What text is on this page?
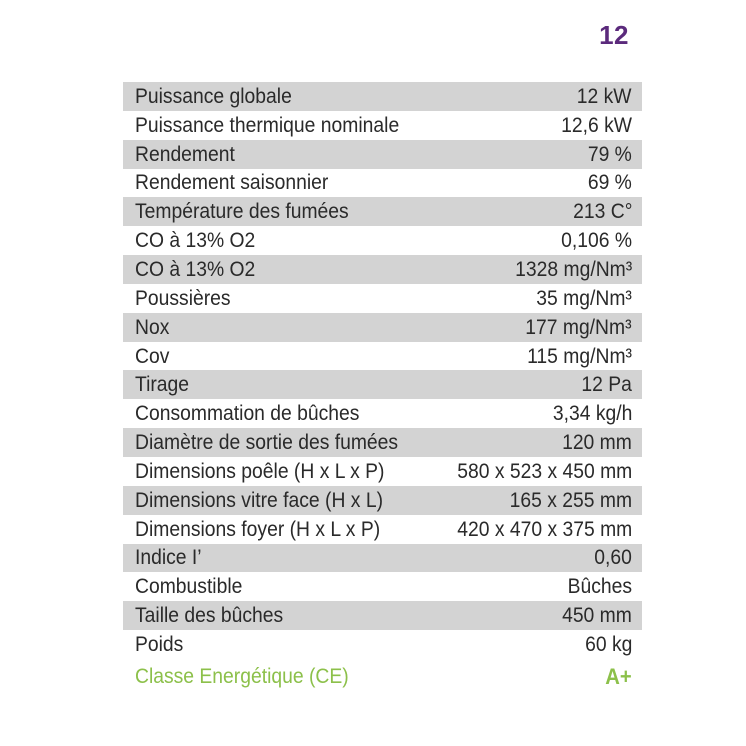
12
Puissance globale	12 kW
Puissance thermique nominale	12,6 kW
Rendement	79 %
Rendement saisonnier	69 %
Température des fumées	213 C°
CO à 13% O2	0,106 %
CO à 13% O2	1328 mg/Nm³
Poussières	35 mg/Nm³
Nox	177 mg/Nm³
Cov	115 mg/Nm³
Tirage	12 Pa
Consommation de bûches	3,34 kg/h
Diamètre de sortie des fumées	120 mm
Dimensions poêle (H x L x P)	580 x 523 x 450 mm
Dimensions vitre face (H x L)	165 x 255 mm
Dimensions foyer (H x L x P)	420 x 470 x 375 mm
Indice I’	0,60
Combustible	Bûches
Taille des bûches	450 mm
Poids	60 kg
Classe Energétique (CE)	A+
